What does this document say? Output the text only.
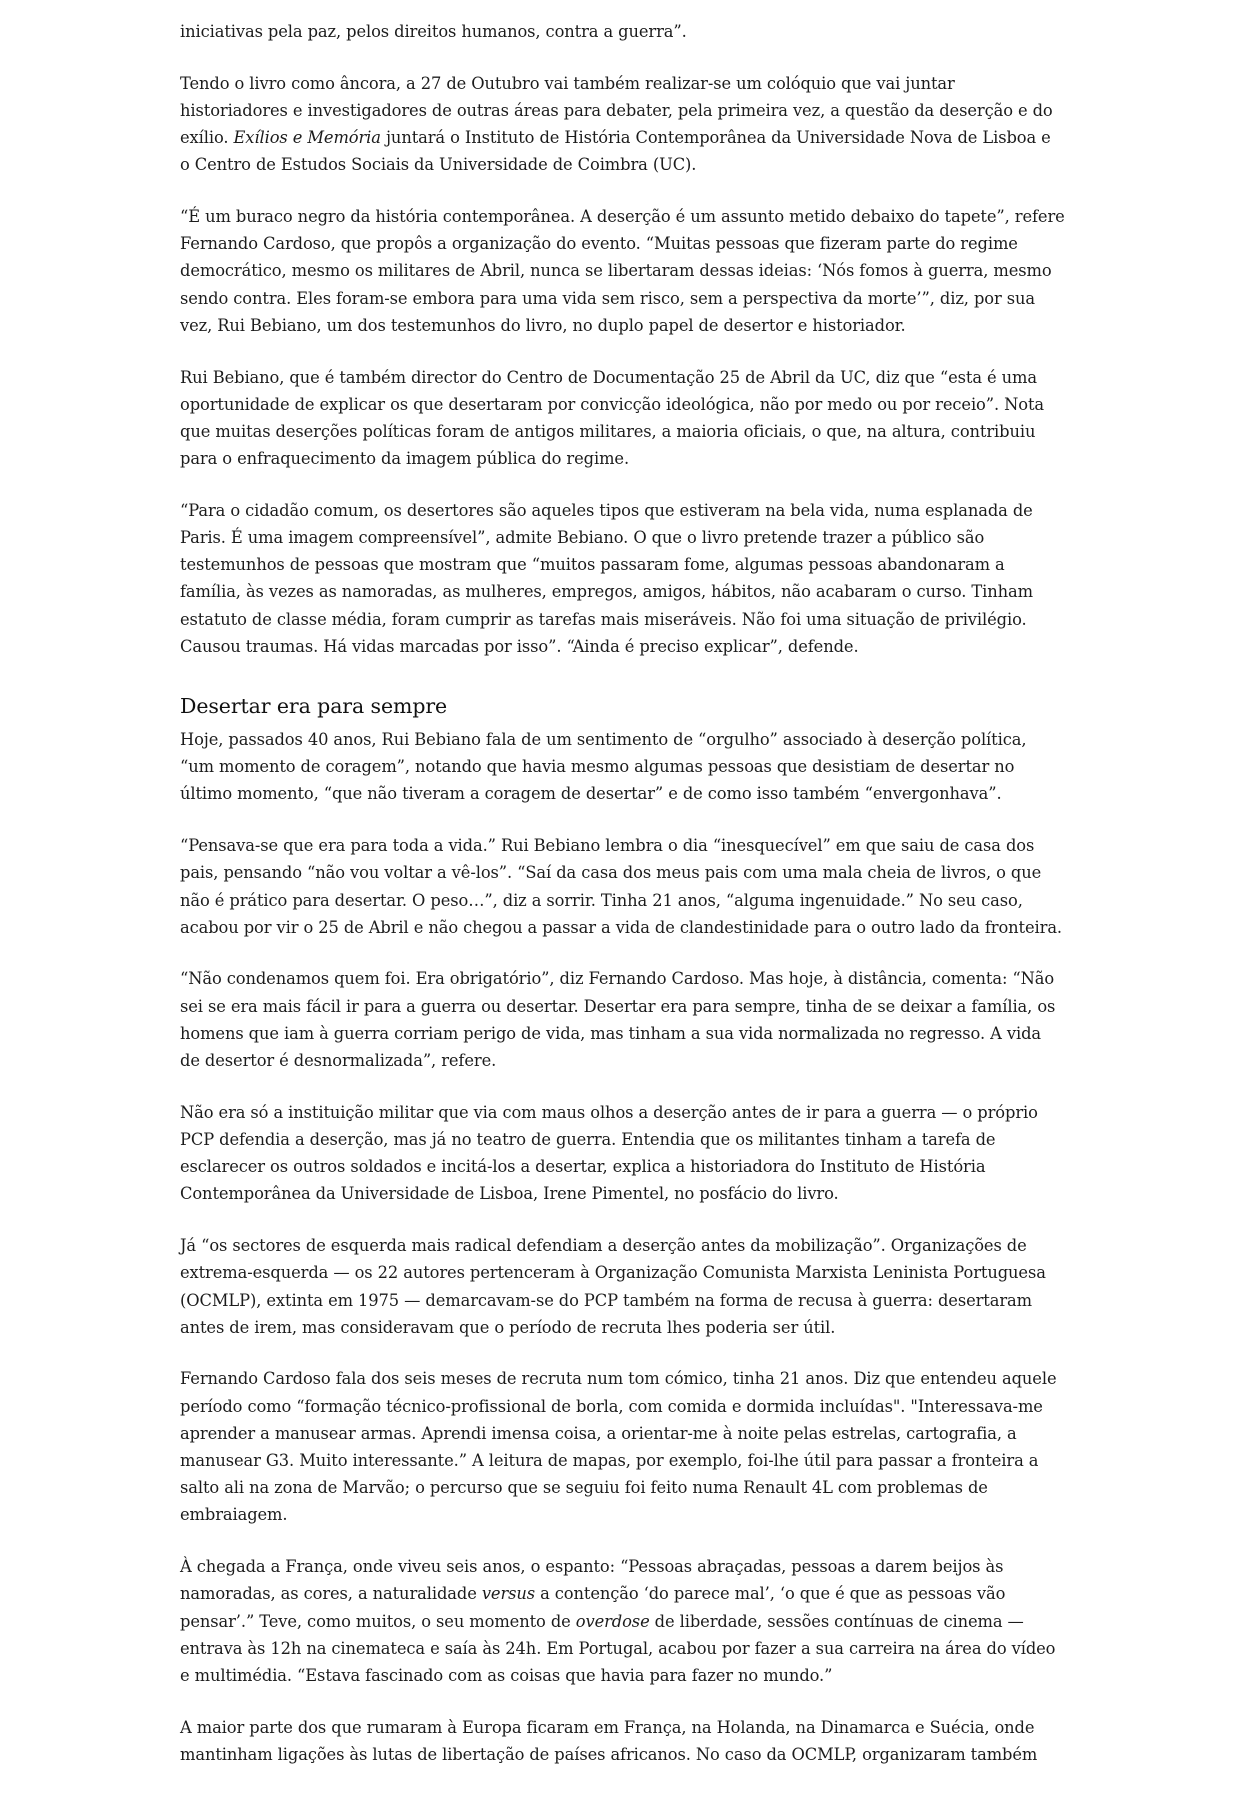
iniciativas pela paz, pelos direitos humanos, contra a guerra”.

Tendo o livro como âncora, a 27 de Outubro vai também realizar-se um colóquio que vai juntar historiadores e investigadores de outras áreas para debater, pela primeira vez, a questão da deserção e do exílio. Exílios e Memória juntará o Instituto de História Contemporânea da Universidade Nova de Lisboa e o Centro de Estudos Sociais da Universidade de Coimbra (UC).

“É um buraco negro da história contemporânea. A deserção é um assunto metido debaixo do tapete”, refere Fernando Cardoso, que propôs a organização do evento. “Muitas pessoas que fizeram parte do regime democrático, mesmo os militares de Abril, nunca se libertaram dessas ideias: ‘Nós fomos à guerra, mesmo sendo contra. Eles foram-se embora para uma vida sem risco, sem a perspectiva da morte’”, diz, por sua vez, Rui Bebiano, um dos testemunhos do livro, no duplo papel de desertor e historiador.

Rui Bebiano, que é também director do Centro de Documentação 25 de Abril da UC, diz que “esta é uma oportunidade de explicar os que desertaram por convicção ideológica, não por medo ou por receio”. Nota que muitas deserções políticas foram de antigos militares, a maioria oficiais, o que, na altura, contribuiu para o enfraquecimento da imagem pública do regime.

“Para o cidadão comum, os desertores são aqueles tipos que estiveram na bela vida, numa esplanada de Paris. É uma imagem compreensível”, admite Bebiano. O que o livro pretende trazer a público são testemunhos de pessoas que mostram que “muitos passaram fome, algumas pessoas abandonaram a família, às vezes as namoradas, as mulheres, empregos, amigos, hábitos, não acabaram o curso. Tinham estatuto de classe média, foram cumprir as tarefas mais miseráveis. Não foi uma situação de privilégio. Causou traumas. Há vidas marcadas por isso”. “Ainda é preciso explicar”, defende.

Desertar era para sempre

Hoje, passados 40 anos, Rui Bebiano fala de um sentimento de “orgulho” associado à deserção política, “um momento de coragem”, notando que havia mesmo algumas pessoas que desistiam de desertar no último momento, “que não tiveram a coragem de desertar” e de como isso também “envergonhava”.

“Pensava-se que era para toda a vida.” Rui Bebiano lembra o dia “inesquecível” em que saiu de casa dos pais, pensando “não vou voltar a vê-los”. “Saí da casa dos meus pais com uma mala cheia de livros, o que não é prático para desertar. O peso…”, diz a sorrir. Tinha 21 anos, “alguma ingenuidade.” No seu caso, acabou por vir o 25 de Abril e não chegou a passar a vida de clandestinidade para o outro lado da fronteira.

“Não condenamos quem foi. Era obrigatório”, diz Fernando Cardoso. Mas hoje, à distância, comenta: “Não sei se era mais fácil ir para a guerra ou desertar. Desertar era para sempre, tinha de se deixar a família, os homens que iam à guerra corriam perigo de vida, mas tinham a sua vida normalizada no regresso. A vida de desertor é desnormalizada”, refere.

Não era só a instituição militar que via com maus olhos a deserção antes de ir para a guerra — o próprio PCP defendia a deserção, mas já no teatro de guerra. Entendia que os militantes tinham a tarefa de esclarecer os outros soldados e incitá-los a desertar, explica a historiadora do Instituto de História Contemporânea da Universidade de Lisboa, Irene Pimentel, no posfácio do livro.

Já “os sectores de esquerda mais radical defendiam a deserção antes da mobilização”. Organizações de extrema-esquerda — os 22 autores pertenceram à Organização Comunista Marxista Leninista Portuguesa (OCMLP), extinta em 1975 — demarcavam-se do PCP também na forma de recusa à guerra: desertaram antes de irem, mas consideravam que o período de recruta lhes poderia ser útil.

Fernando Cardoso fala dos seis meses de recruta num tom cómico, tinha 21 anos. Diz que entendeu aquele período como “formação técnico-profissional de borla, com comida e dormida incluídas". "Interessava-me aprender a manusear armas. Aprendi imensa coisa, a orientar-me à noite pelas estrelas, cartografia, a manusear G3. Muito interessante.” A leitura de mapas, por exemplo, foi-lhe útil para passar a fronteira a salto ali na zona de Marvão; o percurso que se seguiu foi feito numa Renault 4L com problemas de embraiagem.

À chegada a França, onde viveu seis anos, o espanto: “Pessoas abraçadas, pessoas a darem beijos às namoradas, as cores, a naturalidade versus a contenção ‘do parece mal’, ‘o que é que as pessoas vão pensar’.” Teve, como muitos, o seu momento de overdose de liberdade, sessões contínuas de cinema — entrava às 12h na cinemateca e saía às 24h. Em Portugal, acabou por fazer a sua carreira na área do vídeo e multimédia. “Estava fascinado com as coisas que havia para fazer no mundo.”

A maior parte dos que rumaram à Europa ficaram em França, na Holanda, na Dinamarca e Suécia, onde mantinham ligações às lutas de libertação de países africanos. No caso da OCMLP, organizaram também
